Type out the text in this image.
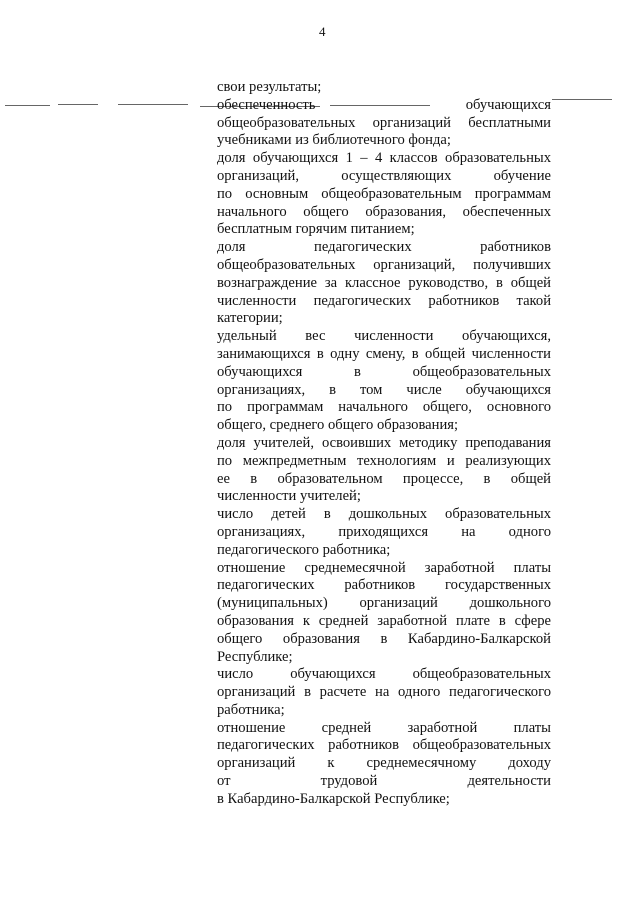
4
свои результаты;
обеспеченность обучающихся
общеобразовательных организаций бесплатными
учебниками из библиотечного фонда;
доля обучающихся 1 – 4 классов образовательных
организаций, осуществляющих обучение
по основным общеобразовательным программам
начального общего образования, обеспеченных
бесплатным горячим питанием;
доля педагогических работников
общеобразовательных организаций, получивших
вознаграждение за классное руководство, в общей
численности педагогических работников такой
категории;
удельный вес численности обучающихся,
занимающихся в одну смену, в общей численности
обучающихся в общеобразовательных
организациях, в том числе обучающихся
по программам начального общего, основного
общего, среднего общего образования;
доля учителей, освоивших методику преподавания
по межпредметным технологиям и реализующих
ее в образовательном процессе, в общей
численности учителей;
число детей в дошкольных образовательных
организациях, приходящихся на одного
педагогического работника;
отношение среднемесячной заработной платы
педагогических работников государственных
(муниципальных) организаций дошкольного
образования к средней заработной плате в сфере
общего образования в Кабардино-Балкарской
Республике;
число обучающихся общеобразовательных
организаций в расчете на одного педагогического
работника;
отношение средней заработной платы
педагогических работников общеобразовательных
организаций к среднемесячному доходу
от трудовой деятельности
в Кабардино-Балкарской Республике;
